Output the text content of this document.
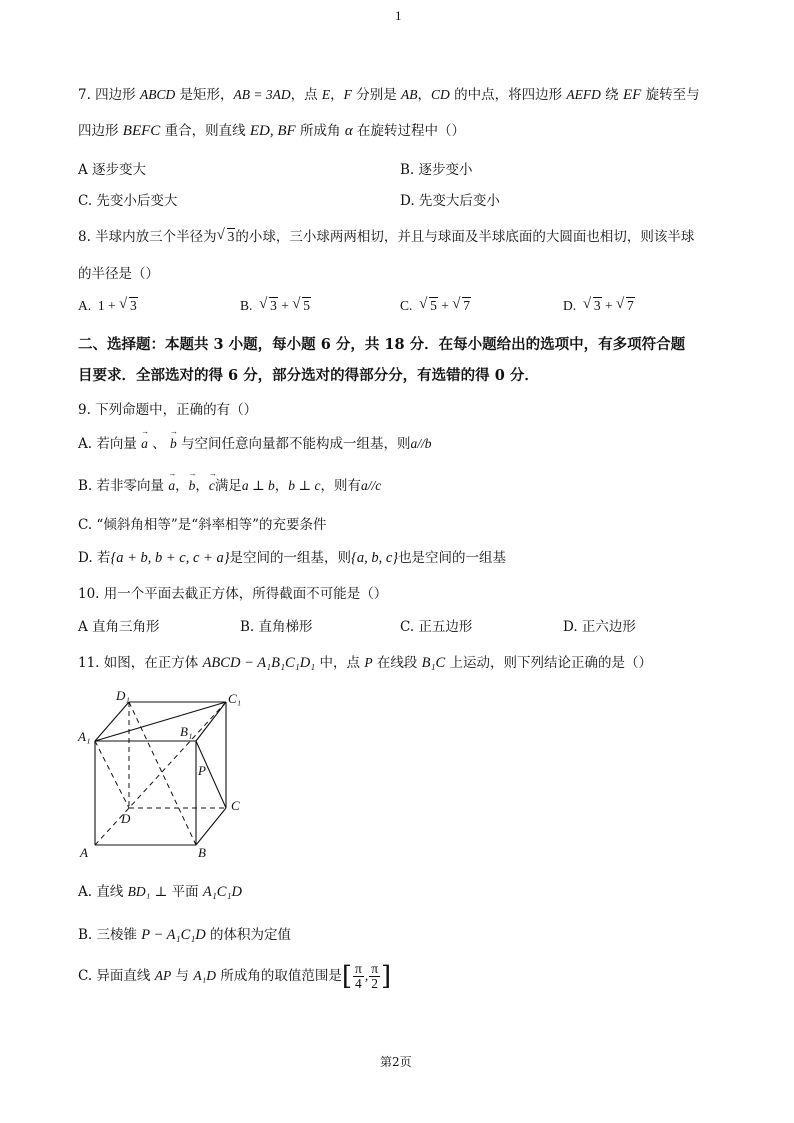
1
7. 四边形 ABCD 是矩形，AB = 3AD，点 E，F 分别是 AB，CD 的中点，将四边形 AEFD 绕 EF 旋转至与
四边形 BEFC 重合，则直线 ED, BF 所成角 α 在旋转过程中（）
A 逐步变大	B. 逐步变小
C. 先变小后变大	D. 先变大后变小
8. 半球内放三个半径为 √ 3的小球，三小球两两相切，并且与球面及半球底面的大圆面也相切，则该半球
的半径是（）
A. 1 + √ 3	B. √ 3 + √ 5	C. √ 5 + √ 7	D. √ 3 + √ 7
二、选择题：本题共 3 小题，每小题 6 分，共 18 分．在每小题给出的选项中，有多项符合题
目要求．全部选对的得 6 分，部分选对的得部分分，有选错的得 0 分．
9. 下列命题中，正确的有（）
A. 若向量 a → 、 b → 与空间任意向量都不能构成一组基，则a//b
B. 若非零向量 a →，b →，c →满足a ⊥ b，b ⊥ c，则有a//c
C. “倾斜角相等”是“斜率相等”的充要条件
D. 若{a + b, b + c, c + a}是空间的一组基，则{a, b, c}也是空间的一组基
10. 用一个平面去截正方体，所得截面不可能是（）
A 直角三角形	B. 直角梯形	C. 正五边形	D. 正六边形
11. 如图，在正方体 ABCD − A₁B₁C₁D₁ 中，点 P 在线段 B₁C 上运动，则下列结论正确的是（）
D₁	C₁
A₁	B₁
P
D
C
A	B
A. 直线 BD₁ ⊥ 平面 A₁C₁D
B. 三棱锥 P − A₁C₁D 的体积为定值
C. 异面直线 AP 与 A₁D 所成角的取值范围是[ $\frac{\pi}{4}$ , $\frac{\pi}{2}$ ]
第2页
